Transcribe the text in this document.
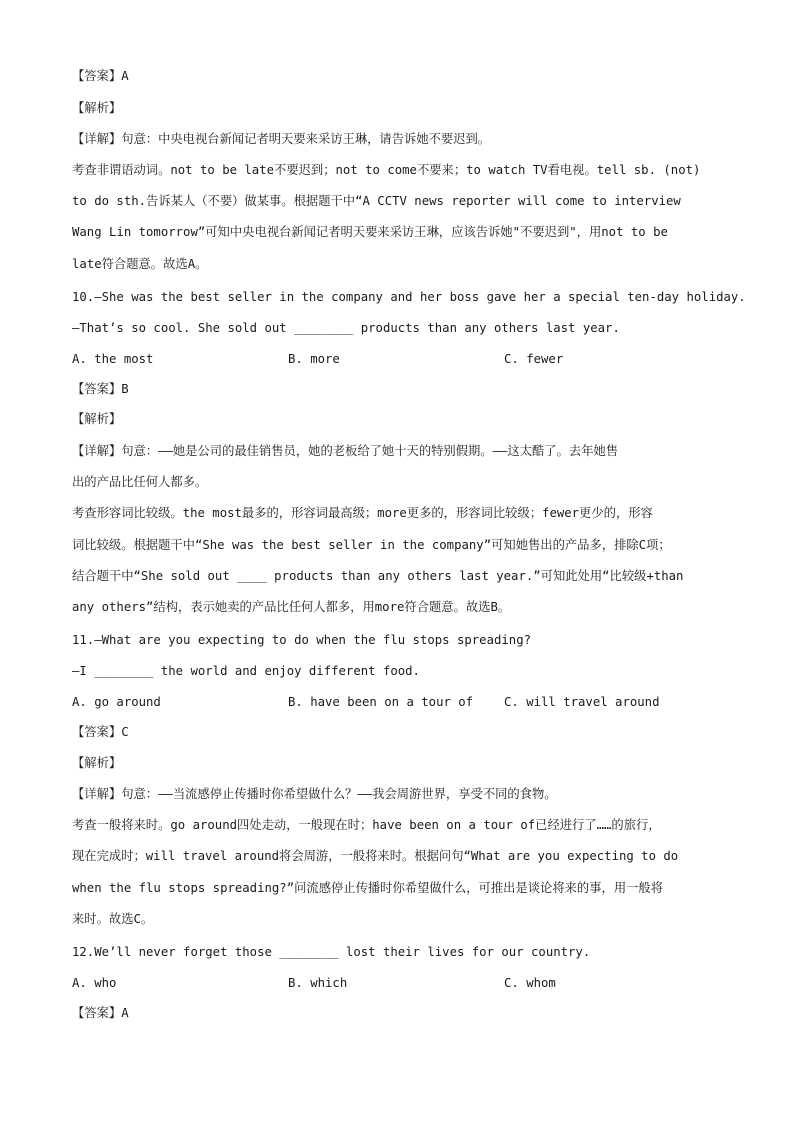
【答案】A
【解析】
【详解】句意：中央电视台新闻记者明天要来采访王琳，请告诉她不要迟到。
考查非谓语动词。not to be late不要迟到；not to come不要来；to watch TV看电视。tell sb. (not)
to do sth.告诉某人（不要）做某事。根据题干中“A CCTV news reporter will come to interview
Wang Lin tomorrow”可知中央电视台新闻记者明天要来采访王琳，应该告诉她"不要迟到"，用not to be
late符合题意。故选A。
10.—She was the best seller in the company and her boss gave her a special ten-day holiday.
—That’s so cool. She sold out ________ products than any others last year.
A. the most	B. more	C. fewer
【答案】B
【解析】
【详解】句意：——她是公司的最佳销售员，她的老板给了她十天的特别假期。——这太酷了。去年她售
出的产品比任何人都多。
考查形容词比较级。the most最多的，形容词最高级；more更多的，形容词比较级；fewer更少的，形容
词比较级。根据题干中“She was the best seller in the company”可知她售出的产品多，排除C项；
结合题干中“She sold out ____ products than any others last year.”可知此处用“比较级+than
any others”结构，表示她卖的产品比任何人都多，用more符合题意。故选B。
11.—What are you expecting to do when the flu stops spreading?
—I ________ the world and enjoy different food.
A. go around	B. have been on a tour of	C. will travel around
【答案】C
【解析】
【详解】句意：——当流感停止传播时你希望做什么？——我会周游世界，享受不同的食物。
考查一般将来时。go around四处走动，一般现在时；have been on a tour of已经进行了……的旅行，
现在完成时；will travel around将会周游，一般将来时。根据问句“What are you expecting to do
when the flu stops spreading?”问流感停止传播时你希望做什么，可推出是谈论将来的事，用一般将
来时。故选C。
12.We’ll never forget those ________ lost their lives for our country.
A. who	B. which	C. whom
【答案】A
